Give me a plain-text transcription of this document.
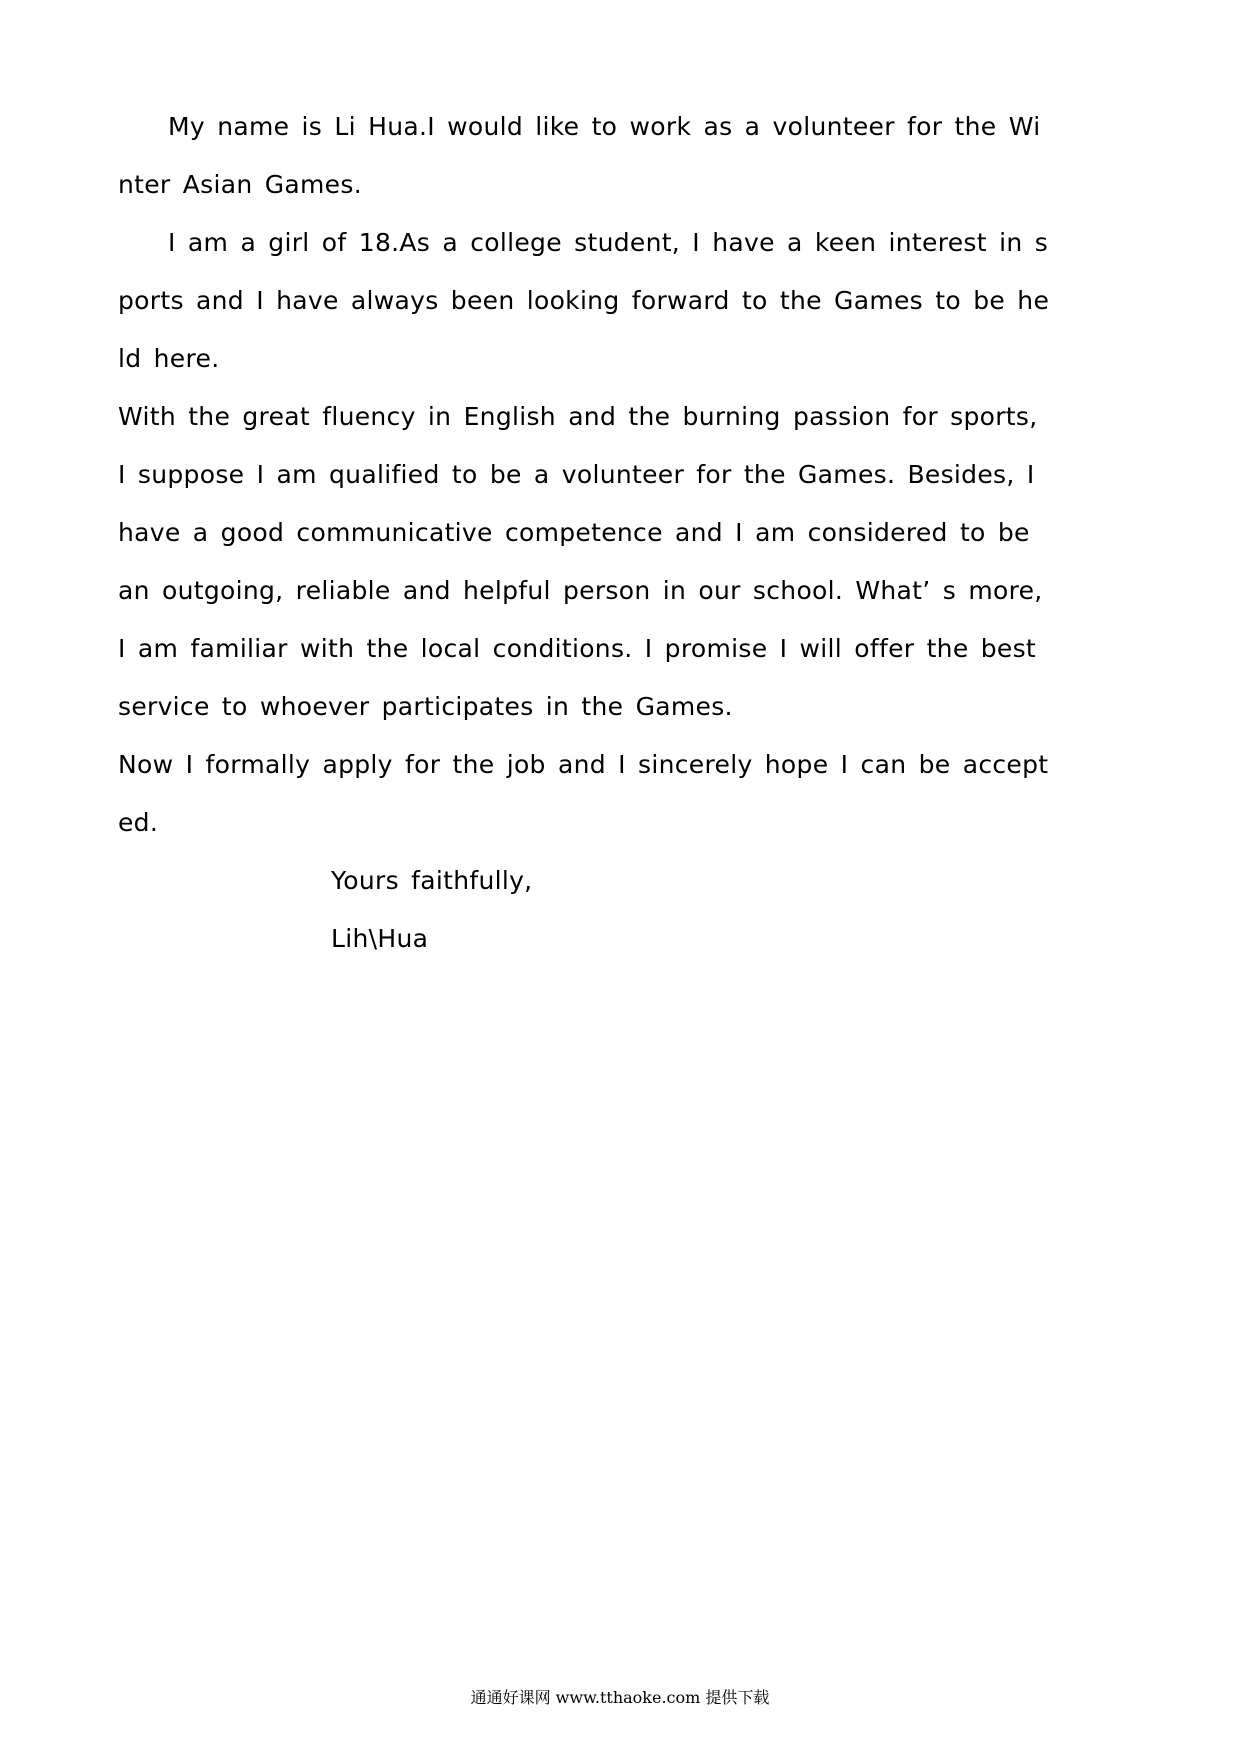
My name is Li Hua.I would like to work as a volunteer for the Wi
nter Asian Games.
I am a girl of 18.As a college student, I have a keen interest in s
ports and I have always been looking forward to the Games to be he
ld here.
With the great fluency in English and the burning passion for sports,
I suppose I am qualified to be a volunteer for the Games. Besides, I
have a good communicative competence and I am considered to be
an outgoing, reliable and helpful person in our school. What’ s more,
I am familiar with the local conditions. I promise I will offer the best
service to whoever participates in the Games.
Now I formally apply for the job and I sincerely hope I can be accept
ed.
Yours faithfully,
Lih\Hua
通通好课网 www.tthaoke.com 提供下载
